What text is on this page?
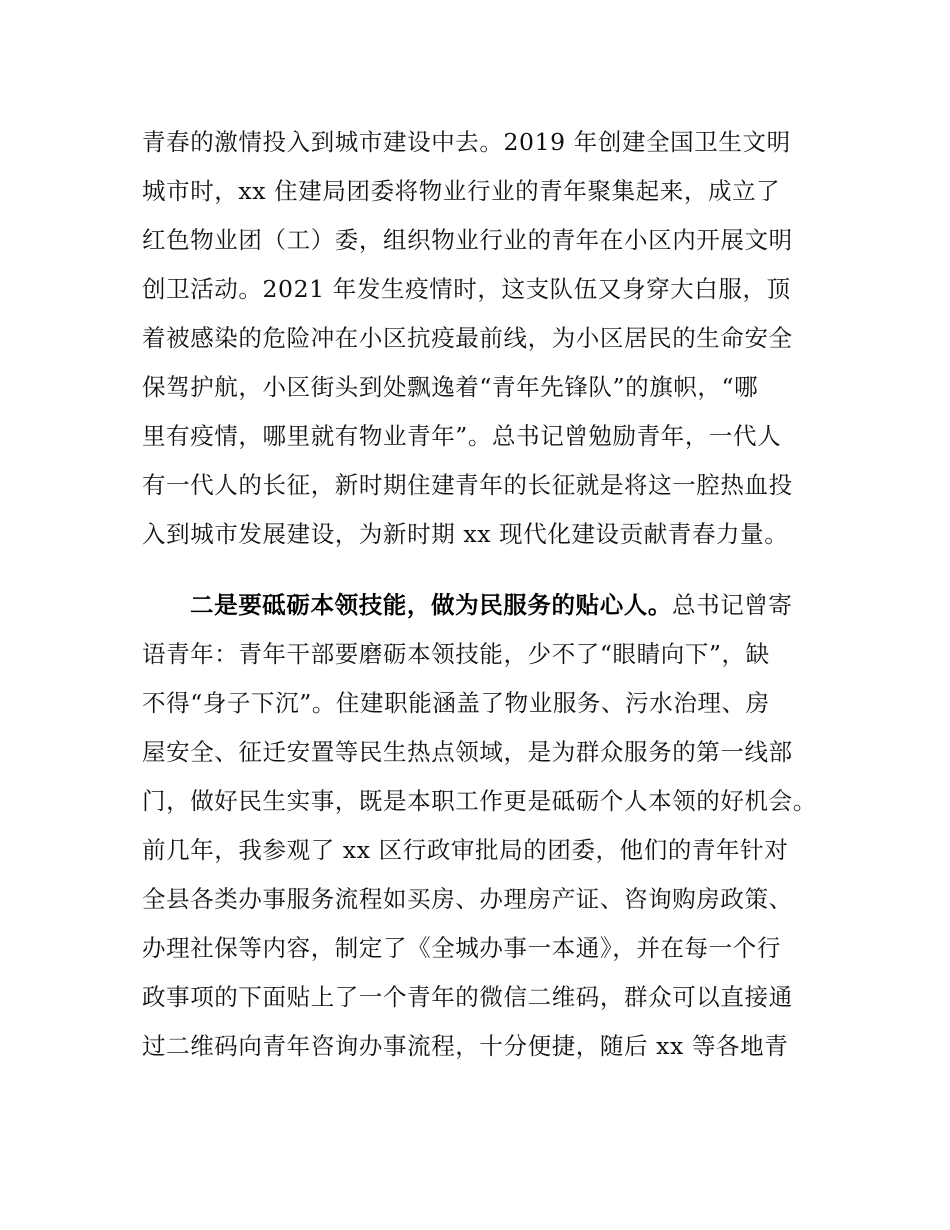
青春的激情投入到城市建设中去。2019 年创建全国卫生文明
城市时，xx 住建局团委将物业行业的青年聚集起来，成立了
红色物业团（工）委，组织物业行业的青年在小区内开展文明
创卫活动。2021 年发生疫情时，这支队伍又身穿大白服，顶
着被感染的危险冲在小区抗疫最前线，为小区居民的生命安全
保驾护航，小区街头到处飘逸着“青年先锋队”的旗帜，“哪
里有疫情，哪里就有物业青年”。总书记曾勉励青年，一代人
有一代人的长征，新时期住建青年的长征就是将这一腔热血投
入到城市发展建设，为新时期 xx 现代化建设贡献青春力量。
二是要砥砺本领技能，做为民服务的贴心人。总书记曾寄
语青年：青年干部要磨砺本领技能，少不了“眼睛向下”，缺
不得“身子下沉”。住建职能涵盖了物业服务、污水治理、房
屋安全、征迁安置等民生热点领域，是为群众服务的第一线部
门，做好民生实事，既是本职工作更是砥砺个人本领的好机会。
前几年，我参观了 xx 区行政审批局的团委，他们的青年针对
全县各类办事服务流程如买房、办理房产证、咨询购房政策、
办理社保等内容，制定了《全城办事一本通》，并在每一个行
政事项的下面贴上了一个青年的微信二维码，群众可以直接通
过二维码向青年咨询办事流程，十分便捷，随后 xx 等各地青
